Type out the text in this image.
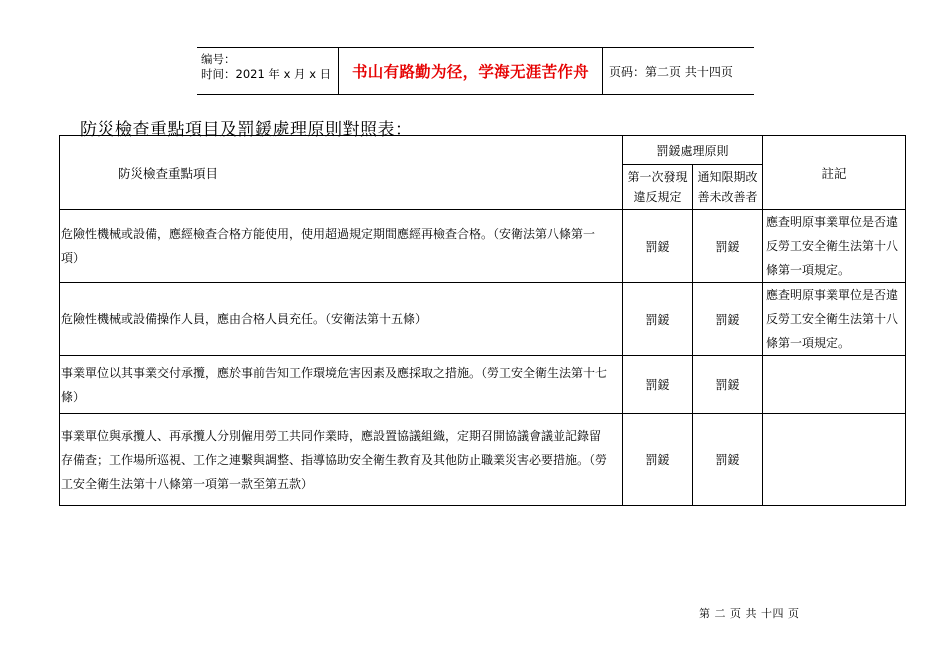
编号：
时间：2021 年 x 月 x 日	书山有路勤为径，学海无涯苦作舟	页码：第二页 共十四页
防災檢查重點項目及罰鍰處理原則對照表：
防災檢查重點項目	罰鍰處理原則		註記
	第一次發現違反規定	通知限期改善未改善者	
危險性機械或設備，應經檢查合格方能使用，使用超過規定期間應經再檢查合格。（安衛法第八條第一項）	罰鍰	罰鍰	應查明原事業單位是否違反勞工安全衛生法第十八條第一項規定。
危險性機械或設備操作人員，應由合格人員充任。（安衛法第十五條）	罰鍰	罰鍰	應查明原事業單位是否違反勞工安全衛生法第十八條第一項規定。
事業單位以其事業交付承攬，應於事前告知工作環境危害因素及應採取之措施。（勞工安全衛生法第十七條）	罰鍰	罰鍰	
事業單位與承攬人、再承攬人分別僱用勞工共同作業時，應設置協議組織，定期召開協議會議並記錄留存備查；工作場所巡視、工作之連繫與調整、指導協助安全衛生教育及其他防止職業災害必要措施。（勞工安全衛生法第十八條第一項第一款至第五款）	罰鍰	罰鍰	
第 二 页 共 十四 页
